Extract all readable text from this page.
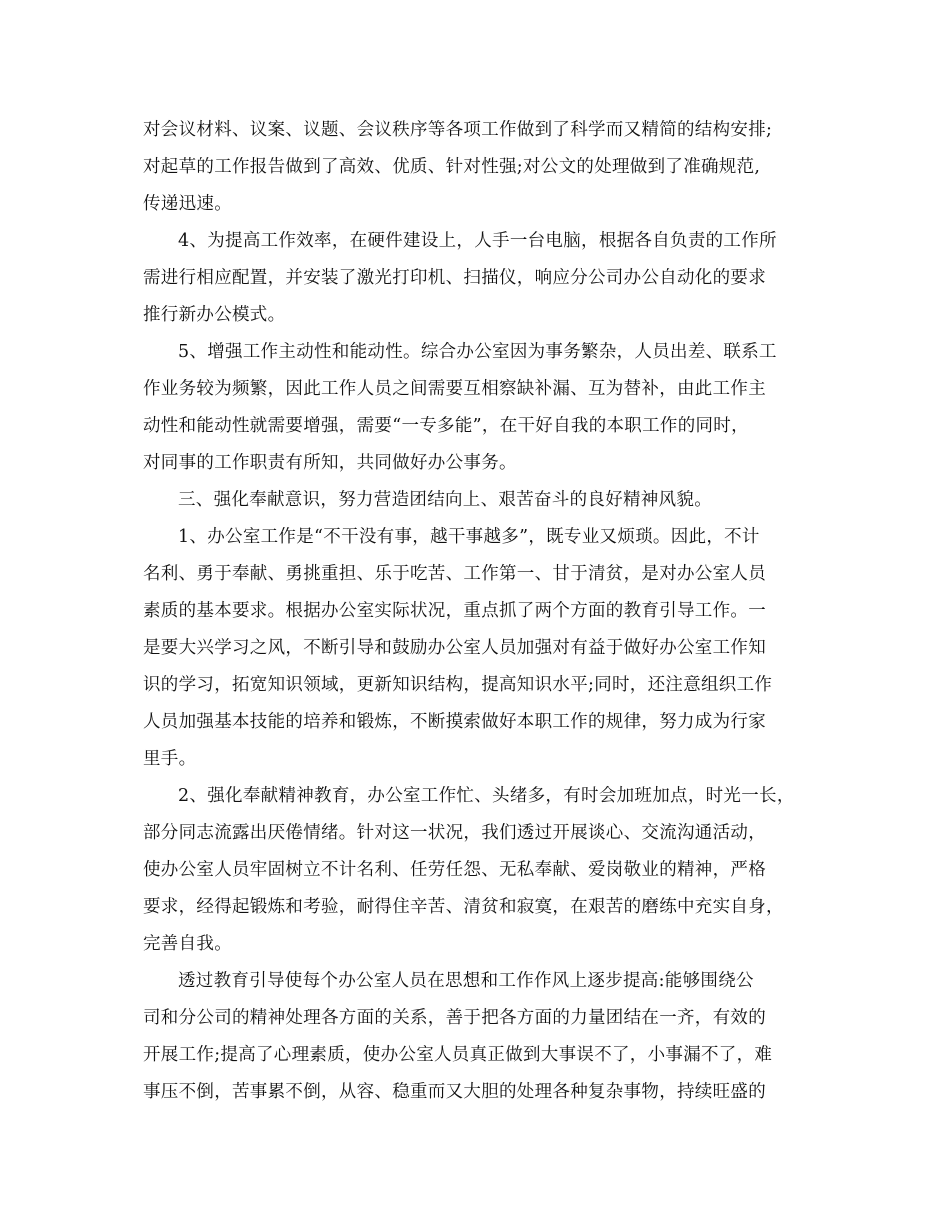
对会议材料、议案、议题、会议秩序等各项工作做到了科学而又精简的结构安排;
对起草的工作报告做到了高效、优质、针对性强;对公文的处理做到了准确规范,
传递迅速。
4、为提高工作效率，在硬件建设上，人手一台电脑，根据各自负责的工作所
需进行相应配置，并安装了激光打印机、扫描仪，响应分公司办公自动化的要求
推行新办公模式。
5、增强工作主动性和能动性。综合办公室因为事务繁杂，人员出差、联系工
作业务较为频繁，因此工作人员之间需要互相察缺补漏、互为替补，由此工作主
动性和能动性就需要增强，需要“一专多能”，在干好自我的本职工作的同时，
对同事的工作职责有所知，共同做好办公事务。
三、强化奉献意识，努力营造团结向上、艰苦奋斗的良好精神风貌。
1、办公室工作是“不干没有事，越干事越多”，既专业又烦琐。因此，不计
名利、勇于奉献、勇挑重担、乐于吃苦、工作第一、甘于清贫，是对办公室人员
素质的基本要求。根据办公室实际状况，重点抓了两个方面的教育引导工作。一
是要大兴学习之风，不断引导和鼓励办公室人员加强对有益于做好办公室工作知
识的学习，拓宽知识领域，更新知识结构，提高知识水平;同时，还注意组织工作
人员加强基本技能的培养和锻炼，不断摸索做好本职工作的规律，努力成为行家
里手。
2、强化奉献精神教育，办公室工作忙、头绪多，有时会加班加点，时光一长，
部分同志流露出厌倦情绪。针对这一状况，我们透过开展谈心、交流沟通活动，
使办公室人员牢固树立不计名利、任劳任怨、无私奉献、爱岗敬业的精神，严格
要求，经得起锻炼和考验，耐得住辛苦、清贫和寂寞，在艰苦的磨练中充实自身，
完善自我。
透过教育引导使每个办公室人员在思想和工作作风上逐步提高:能够围绕公
司和分公司的精神处理各方面的关系，善于把各方面的力量团结在一齐，有效的
开展工作;提高了心理素质，使办公室人员真正做到大事误不了，小事漏不了，难
事压不倒，苦事累不倒，从容、稳重而又大胆的处理各种复杂事物，持续旺盛的
